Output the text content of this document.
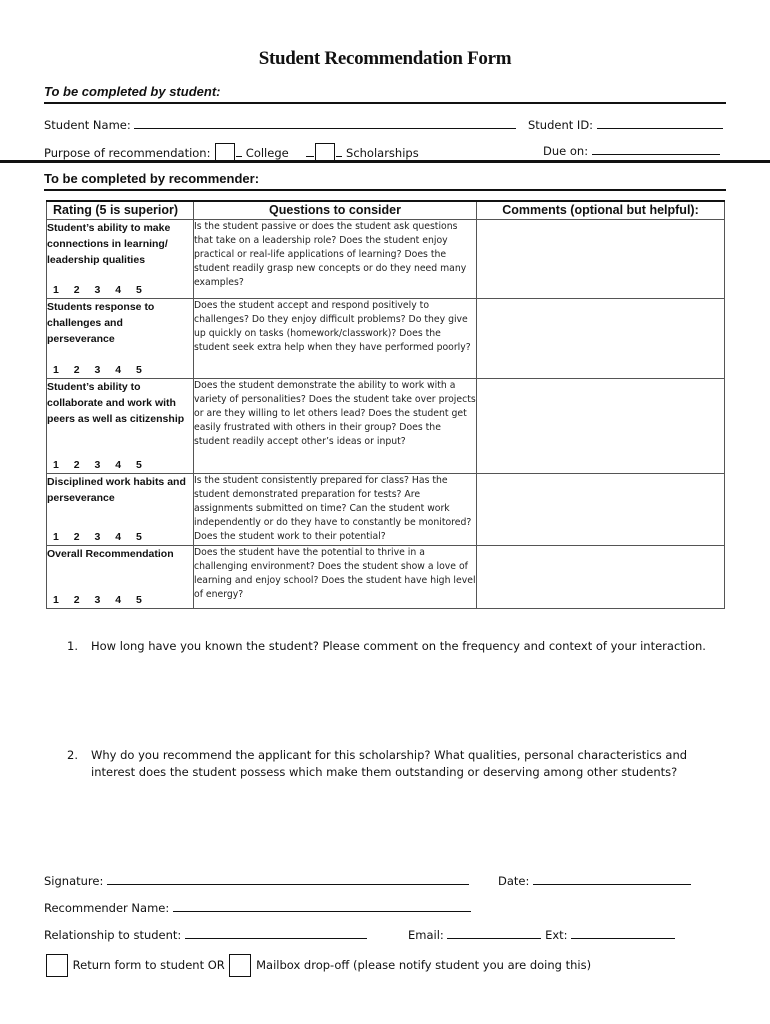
Student Recommendation Form
To be completed by student:
Student Name:	Student ID:
Purpose of recommendation:	College	Scholarships	Due on:
To be completed by recommender:
Rating (5 is superior)	Questions to consider	Comments (optional but helpful):

Student’s ability to make connections in learning/ leadership qualities
1 2 3 4 5	Is the student passive or does the student ask questions that take on a leadership role? Does the student enjoy practical or real-life applications of learning? Does the student readily grasp new concepts or do they need many examples?	

Students response to challenges and perseverance
1 2 3 4 5	Does the student accept and respond positively to challenges? Do they enjoy difficult problems? Do they give up quickly on tasks (homework/classwork)? Does the student seek extra help when they have performed poorly?	

Student’s ability to collaborate and work with peers as well as citizenship
1 2 3 4 5	Does the student demonstrate the ability to work with a variety of personalities? Does the student take over projects or are they willing to let others lead? Does the student get easily frustrated with others in their group? Does the student readily accept other’s ideas or input?	

Disciplined work habits and perseverance
1 2 3 4 5	Is the student consistently prepared for class? Has the student demonstrated preparation for tests? Are assignments submitted on time? Can the student work independently or do they have to constantly be monitored? Does the student work to their potential?	

Overall Recommendation
1 2 3 4 5	Does the student have the potential to thrive in a challenging environment? Does the student show a love of learning and enjoy school? Does the student have high level of energy?	
1. How long have you known the student? Please comment on the frequency and context of your interaction.
2. Why do you recommend the applicant for this scholarship? What qualities, personal characteristics and interest does the student possess which make them outstanding or deserving among other students?
Signature:	Date:
Recommender Name:
Relationship to student:	Email:	Ext:
Return form to student OR	Mailbox drop-off (please notify student you are doing this)
